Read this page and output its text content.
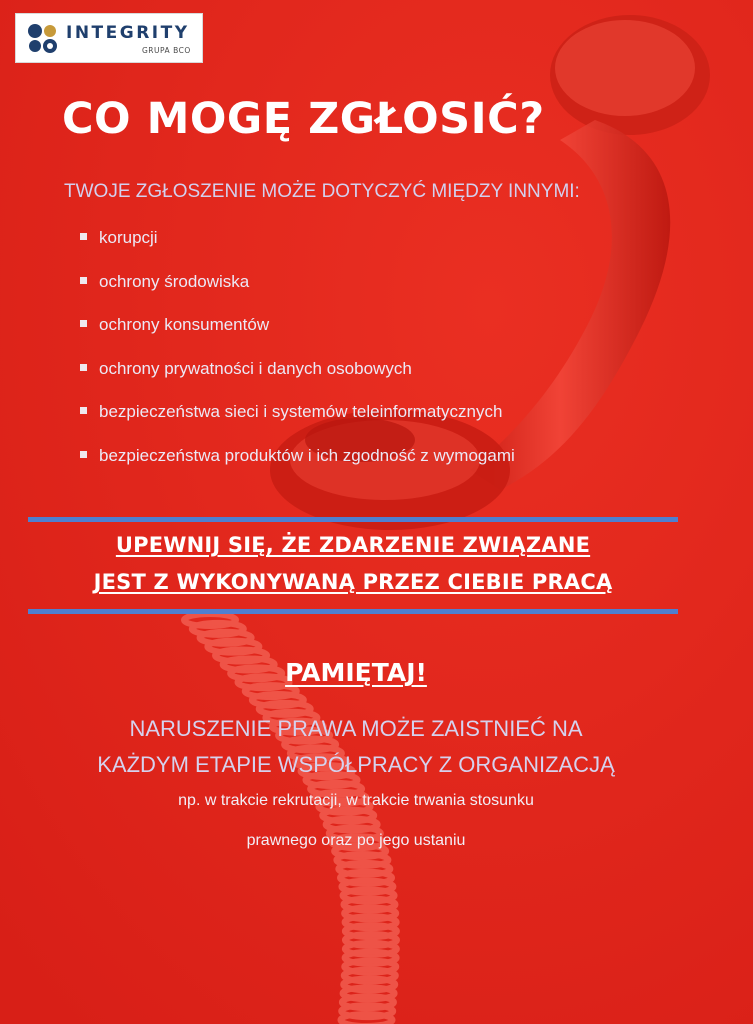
INTEGRITY
GRUPA BCO
CO MOGĘ ZGŁOSIĆ?
TWOJE ZGŁOSZENIE MOŻE DOTYCZYĆ MIĘDZY INNYMI:
korupcji
ochrony środowiska
ochrony konsumentów
ochrony prywatności i danych osobowych
bezpieczeństwa sieci i systemów teleinformatycznych
bezpieczeństwa produktów i ich zgodność z wymogami
UPEWNIJ SIĘ, ŻE ZDARZENIE ZWIĄZANE
JEST Z WYKONYWANĄ PRZEZ CIEBIE PRACĄ
PAMIĘTAJ!
NARUSZENIE PRAWA MOŻE ZAISTNIEĆ NA
KAŻDYM ETAPIE WSPÓŁPRACY Z ORGANIZACJĄ
np. w trakcie rekrutacji, w trakcie trwania stosunku
prawnego oraz po jego ustaniu
